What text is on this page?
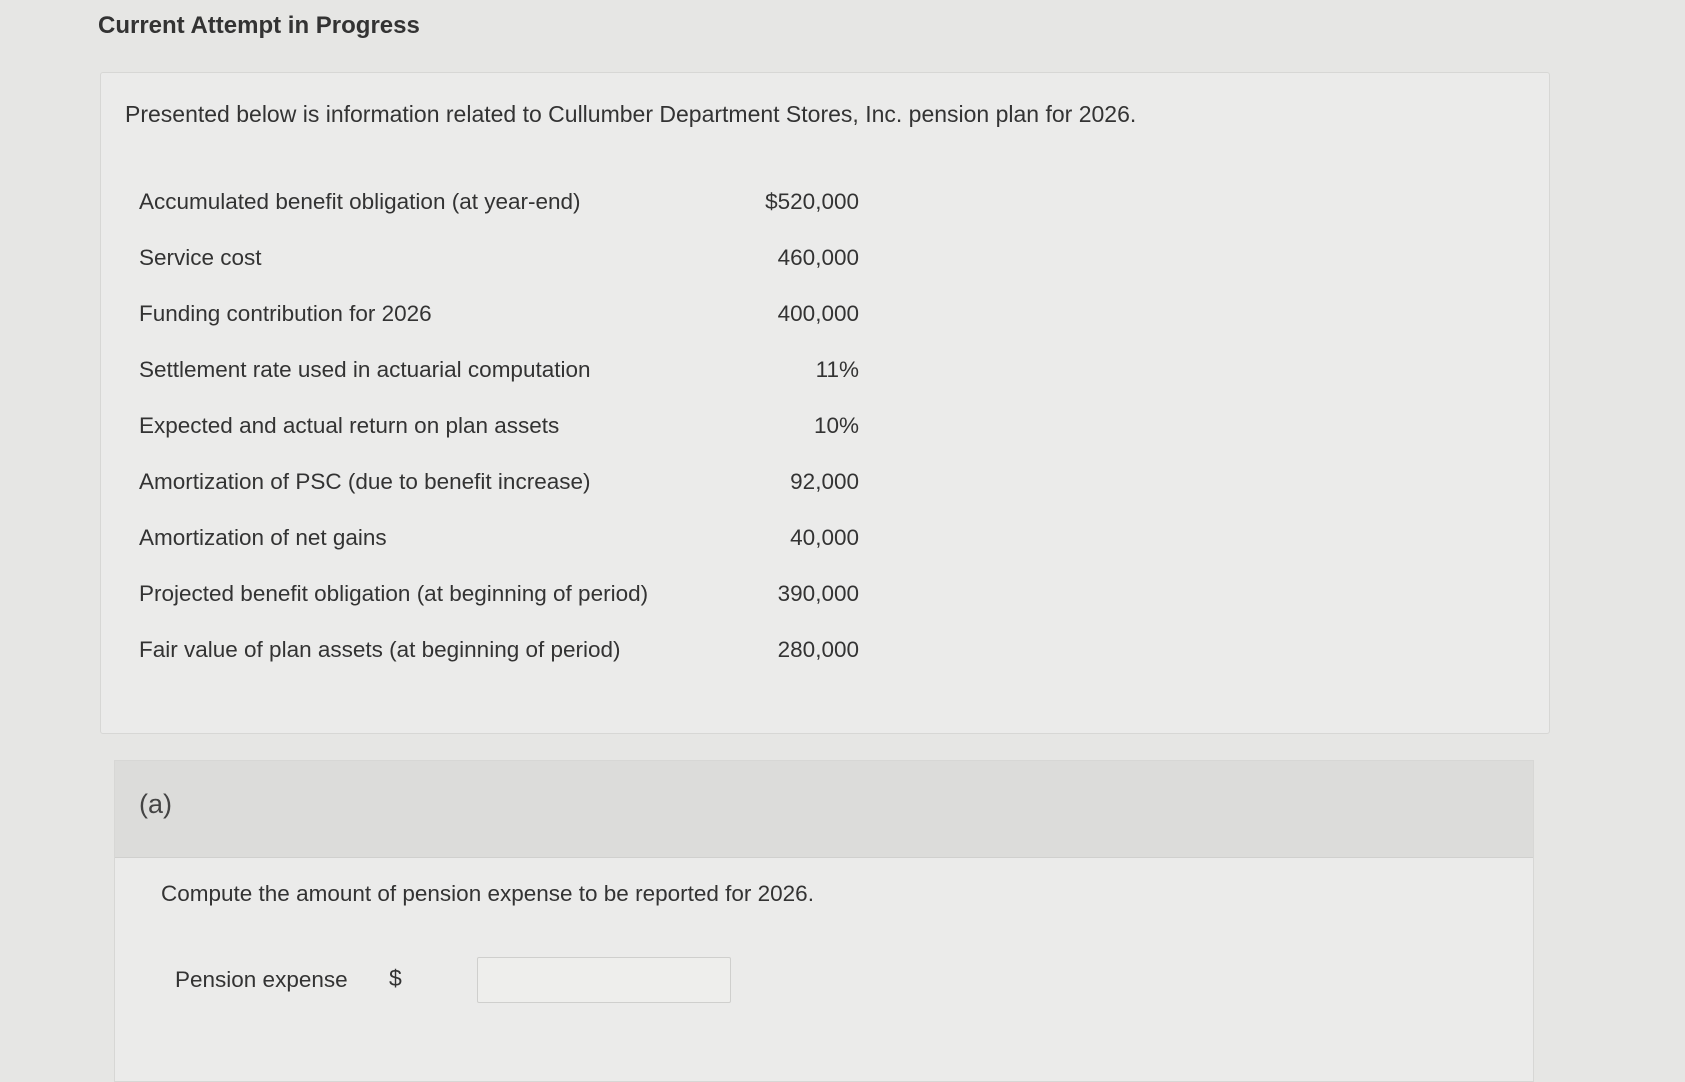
Current Attempt in Progress
Presented below is information related to Cullumber Department Stores, Inc. pension plan for 2026.
Accumulated benefit obligation (at year-end)	$520,000
Service cost	460,000
Funding contribution for 2026	400,000
Settlement rate used in actuarial computation	11%
Expected and actual return on plan assets	10%
Amortization of PSC (due to benefit increase)	92,000
Amortization of net gains	40,000
Projected benefit obligation (at beginning of period)	390,000
Fair value of plan assets (at beginning of period)	280,000
(a)
Compute the amount of pension expense to be reported for 2026.
Pension expense $
